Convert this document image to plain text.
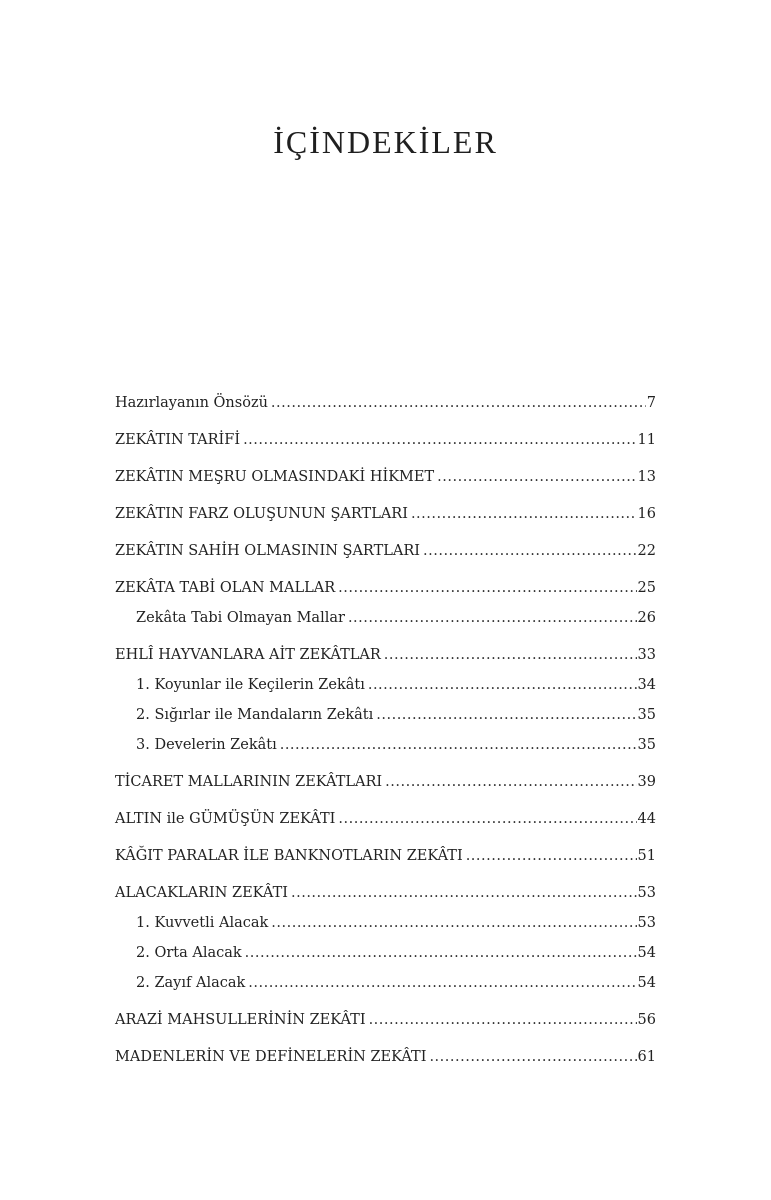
İÇİNDEKİLER
Hazırlayanın Önsözü .....	7
ZEKÂTIN TARİFİ .....	11
ZEKÂTIN MEŞRU OLMASINDAKİ HİKMET .....	13
ZEKÂTIN FARZ OLUŞUNUN ŞARTLARI .....	16
ZEKÂTIN SAHİH OLMASININ ŞARTLARI .....	22
ZEKÂTA TABİ OLAN MALLAR .....	25
Zekâta Tabi Olmayan Mallar .....	26
EHLÎ HAYVANLARA AİT ZEKÂTLAR .....	33
1. Koyunlar ile Keçilerin Zekâtı .....	34
2. Sığırlar ile Mandaların Zekâtı .....	35
3. Develerin Zekâtı .....	35
TİCARET MALLARININ ZEKÂTLARI .....	39
ALTIN ile GÜMÜŞÜN ZEKÂTI .....	44
KÂĞIT PARALAR İLE BANKNOTLARIN ZEKÂTI .....	51
ALACAKLARIN ZEKÂTI .....	53
1. Kuvvetli Alacak .....	53
2. Orta Alacak .....	54
2. Zayıf Alacak .....	54
ARAZİ MAHSULLERİNİN ZEKÂTI .....	56
MADENLERİN VE DEFİNELERİN ZEKÂTI .....	61
